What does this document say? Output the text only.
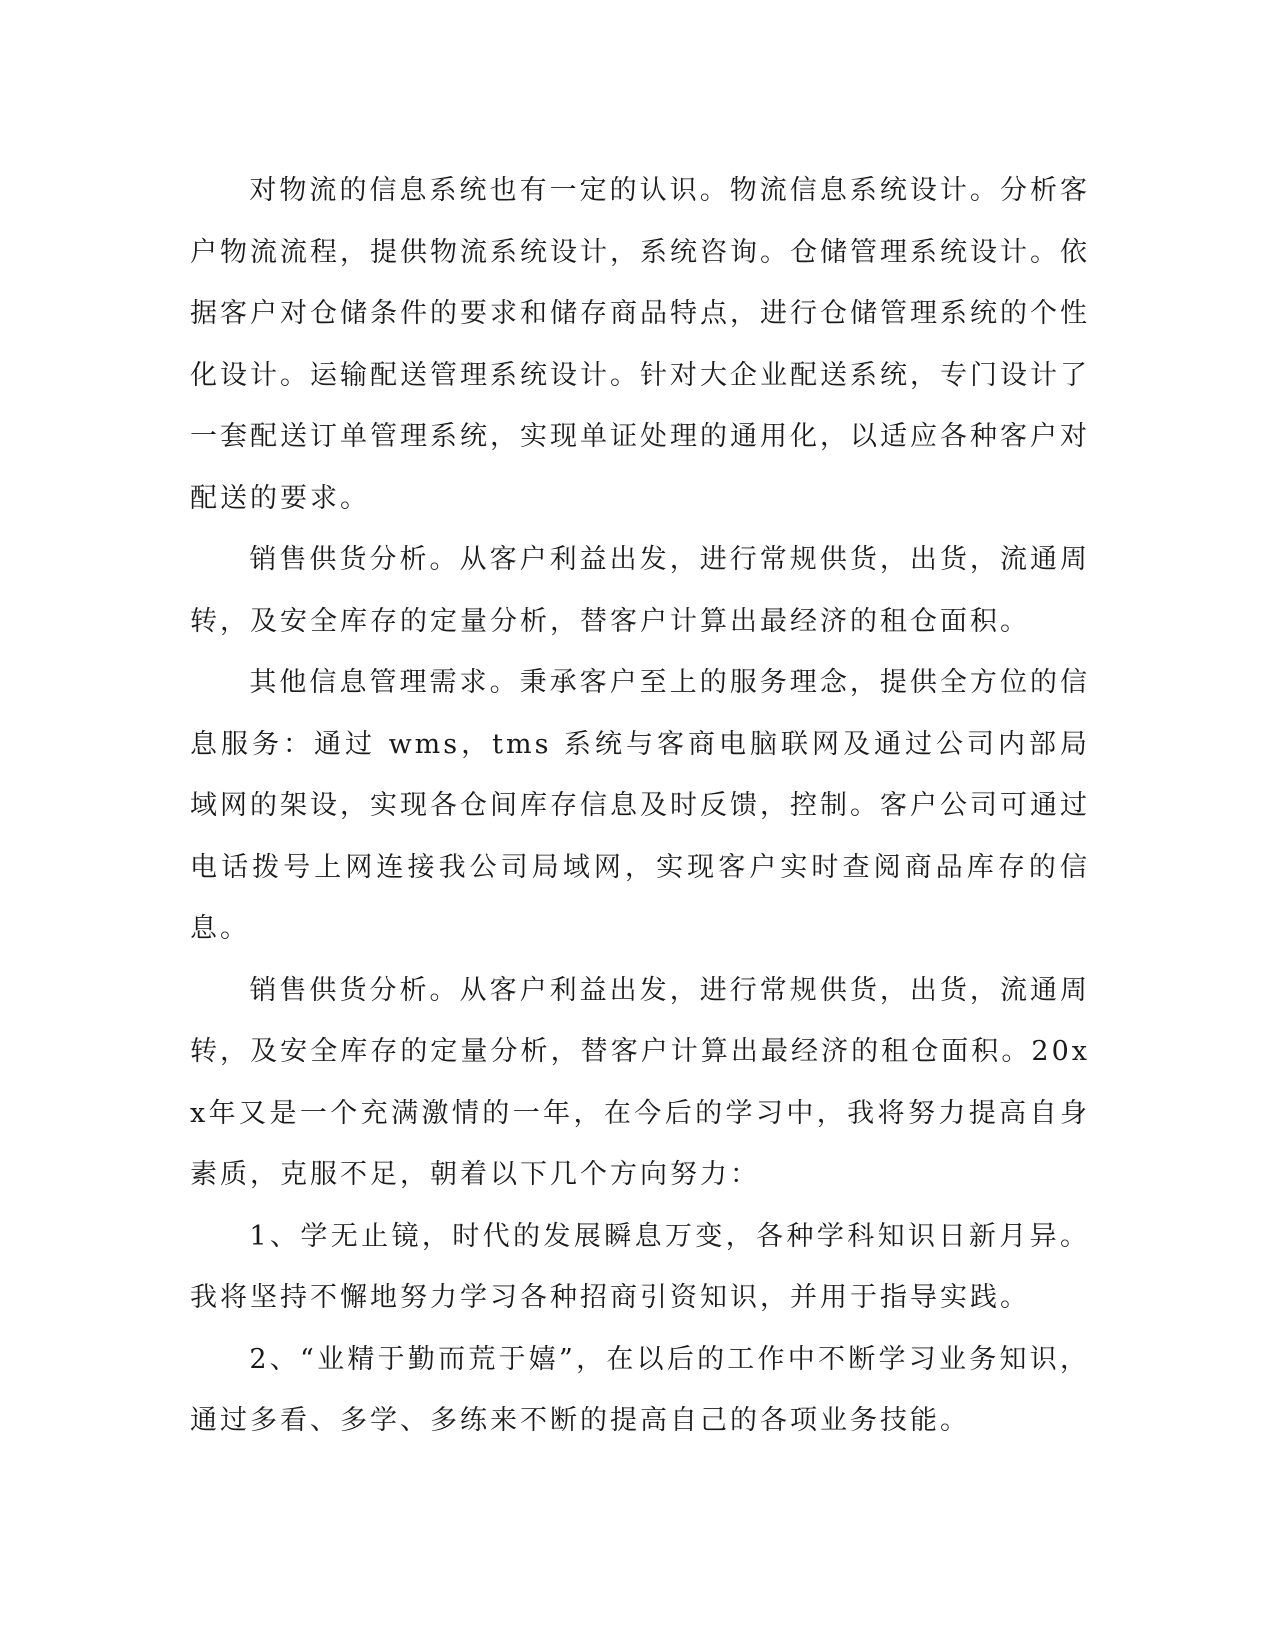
对物流的信息系统也有一定的认识。物流信息系统设计。分析客户物流流程，提供物流系统设计，系统咨询。仓储管理系统设计。依据客户对仓储条件的要求和储存商品特点，进行仓储管理系统的个性化设计。运输配送管理系统设计。针对大企业配送系统，专门设计了一套配送订单管理系统，实现单证处理的通用化，以适应各种客户对配送的要求。

销售供货分析。从客户利益出发，进行常规供货，出货，流通周转，及安全库存的定量分析，替客户计算出最经济的租仓面积。

其他信息管理需求。秉承客户至上的服务理念，提供全方位的信息服务：通过 wms，tms 系统与客商电脑联网及通过公司内部局域网的架设，实现各仓间库存信息及时反馈，控制。客户公司可通过电话拨号上网连接我公司局域网，实现客户实时查阅商品库存的信息。

销售供货分析。从客户利益出发，进行常规供货，出货，流通周转，及安全库存的定量分析，替客户计算出最经济的租仓面积。20xx年又是一个充满激情的一年，在今后的学习中，我将努力提高自身素质，克服不足，朝着以下几个方向努力：

1、学无止镜，时代的发展瞬息万变，各种学科知识日新月异。我将坚持不懈地努力学习各种招商引资知识，并用于指导实践。

2、“业精于勤而荒于嬉”，在以后的工作中不断学习业务知识，通过多看、多学、多练来不断的提高自己的各项业务技能。
